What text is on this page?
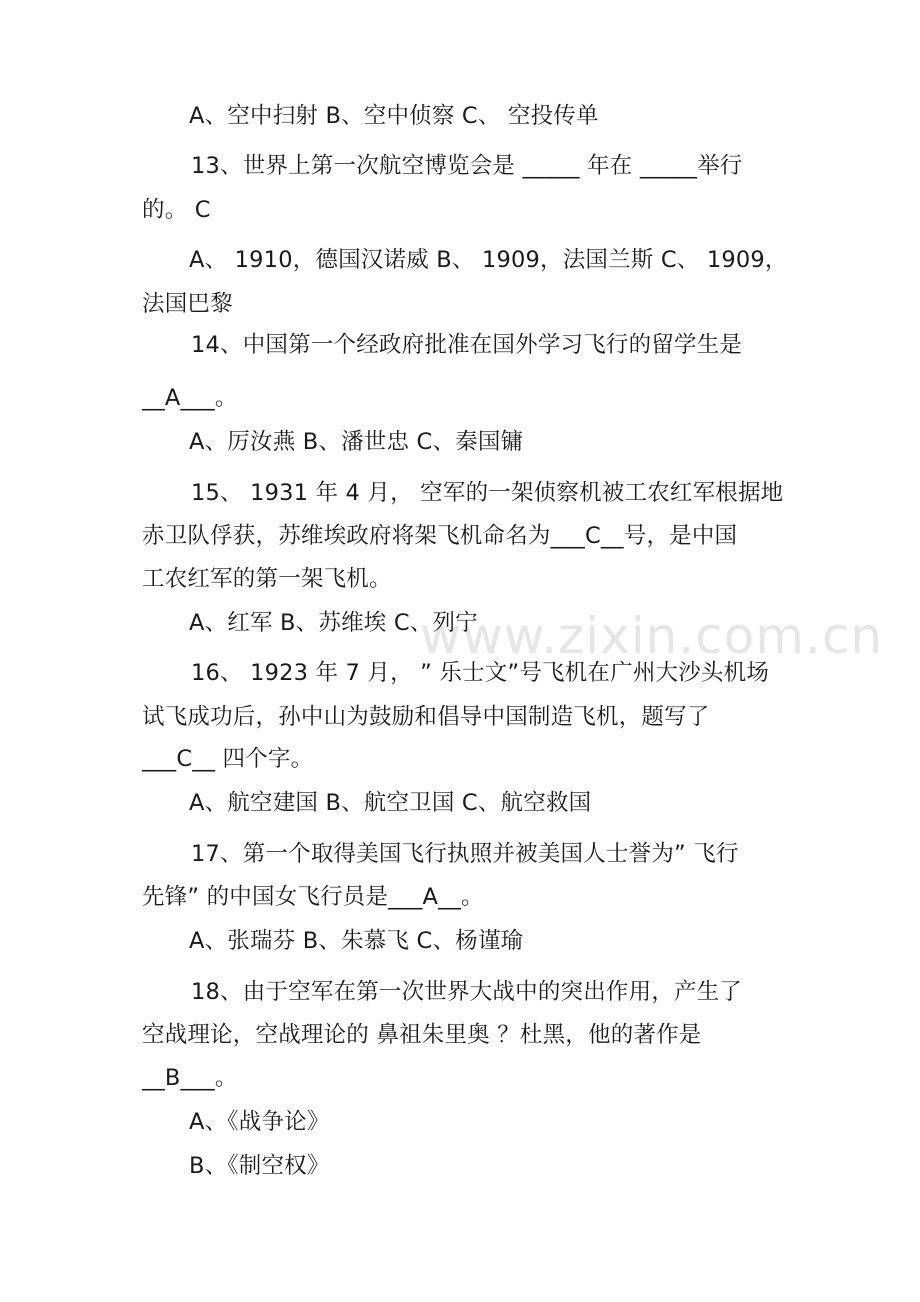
www.zixin.com.cn
A、空中扫射 B、空中侦察 C、 空投传单
13、世界上第一次航空博览会是 _____ 年在 _____举行
的。 C
A、 1910，德国汉诺威 B、 1909，法国兰斯 C、 1909，
法国巴黎
14、中国第一个经政府批准在国外学习飞行的留学生是
__A___。
A、厉汝燕 B、潘世忠 C、秦国镛
15、 1931 年 4 月， 空军的一架侦察机被工农红军根据地
赤卫队俘获，苏维埃政府将架飞机命名为___C__号，是中国
工农红军的第一架飞机。
A、红军 B、苏维埃 C、列宁
16、 1923 年 7 月， ” 乐士文”号飞机在广州大沙头机场
试飞成功后，孙中山为鼓励和倡导中国制造飞机，题写了
___C__ 四个字。
A、航空建国 B、航空卫国 C、航空救国
17、第一个取得美国飞行执照并被美国人士誉为” 飞行
先锋” 的中国女飞行员是___A__。
A、张瑞芬 B、朱慕飞 C、杨谨瑜
18、由于空军在第一次世界大战中的突出作用，产生了
空战理论，空战理论的 鼻祖朱里奥 ？杜黑，他的著作是
__B___。
A、《战争论》
B、《制空权》
